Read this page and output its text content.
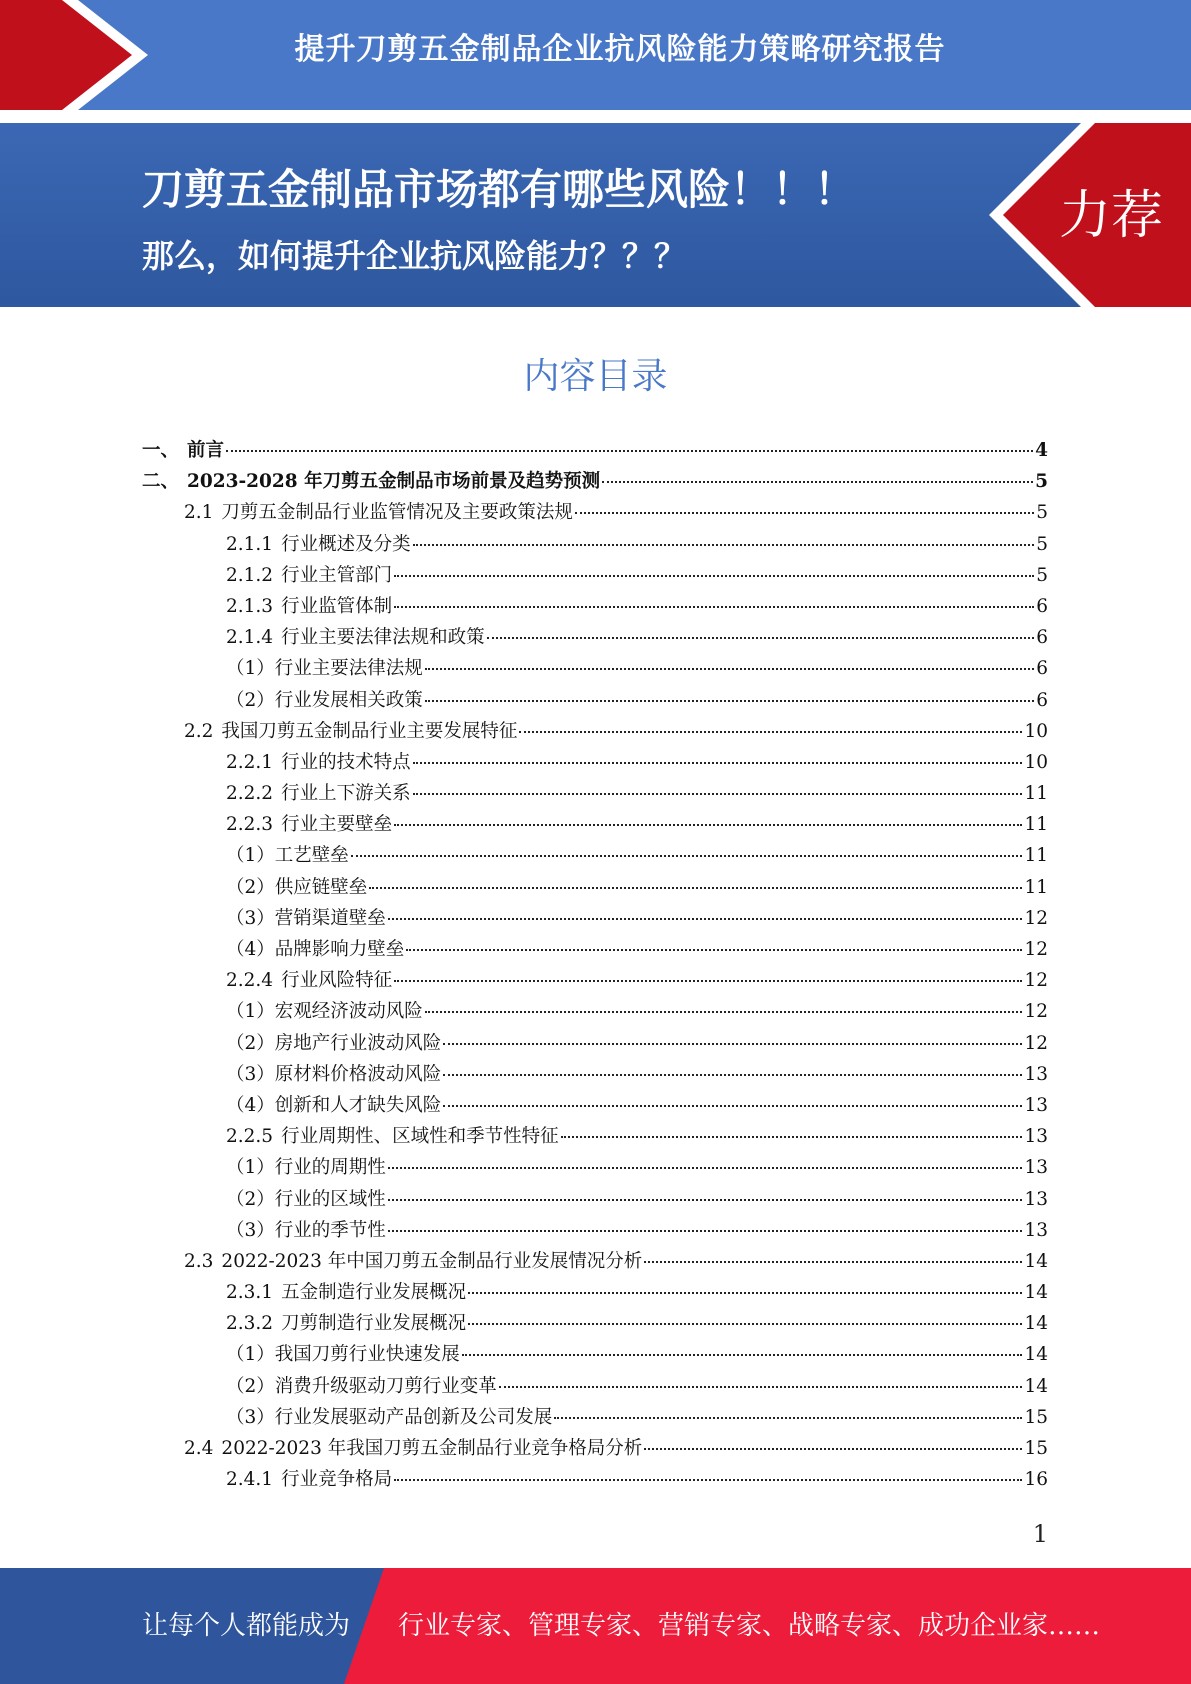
提升刀剪五金制品企业抗风险能力策略研究报告
刀剪五金制品市场都有哪些风险！！！
那么，如何提升企业抗风险能力？？？
力荐
内容目录
一、 前言	4
二、 2023-2028 年刀剪五金制品市场前景及趋势预测	5
2.1 刀剪五金制品行业监管情况及主要政策法规	5
2.1.1 行业概述及分类	5
2.1.2 行业主管部门	5
2.1.3 行业监管体制	6
2.1.4 行业主要法律法规和政策	6
（1）行业主要法律法规	6
（2）行业发展相关政策	6
2.2 我国刀剪五金制品行业主要发展特征	10
2.2.1 行业的技术特点	10
2.2.2 行业上下游关系	11
2.2.3 行业主要壁垒	11
（1）工艺壁垒	11
（2）供应链壁垒	11
（3）营销渠道壁垒	12
（4）品牌影响力壁垒	12
2.2.4 行业风险特征	12
（1）宏观经济波动风险	12
（2）房地产行业波动风险	12
（3）原材料价格波动风险	13
（4）创新和人才缺失风险	13
2.2.5 行业周期性、区域性和季节性特征	13
（1）行业的周期性	13
（2）行业的区域性	13
（3）行业的季节性	13
2.3 2022-2023 年中国刀剪五金制品行业发展情况分析	14
2.3.1 五金制造行业发展概况	14
2.3.2 刀剪制造行业发展概况	14
（1）我国刀剪行业快速发展	14
（2）消费升级驱动刀剪行业变革	14
（3）行业发展驱动产品创新及公司发展	15
2.4 2022-2023 年我国刀剪五金制品行业竞争格局分析	15
2.4.1 行业竞争格局	16
1
让每个人都能成为 行业专家、管理专家、营销专家、战略专家、成功企业家……
